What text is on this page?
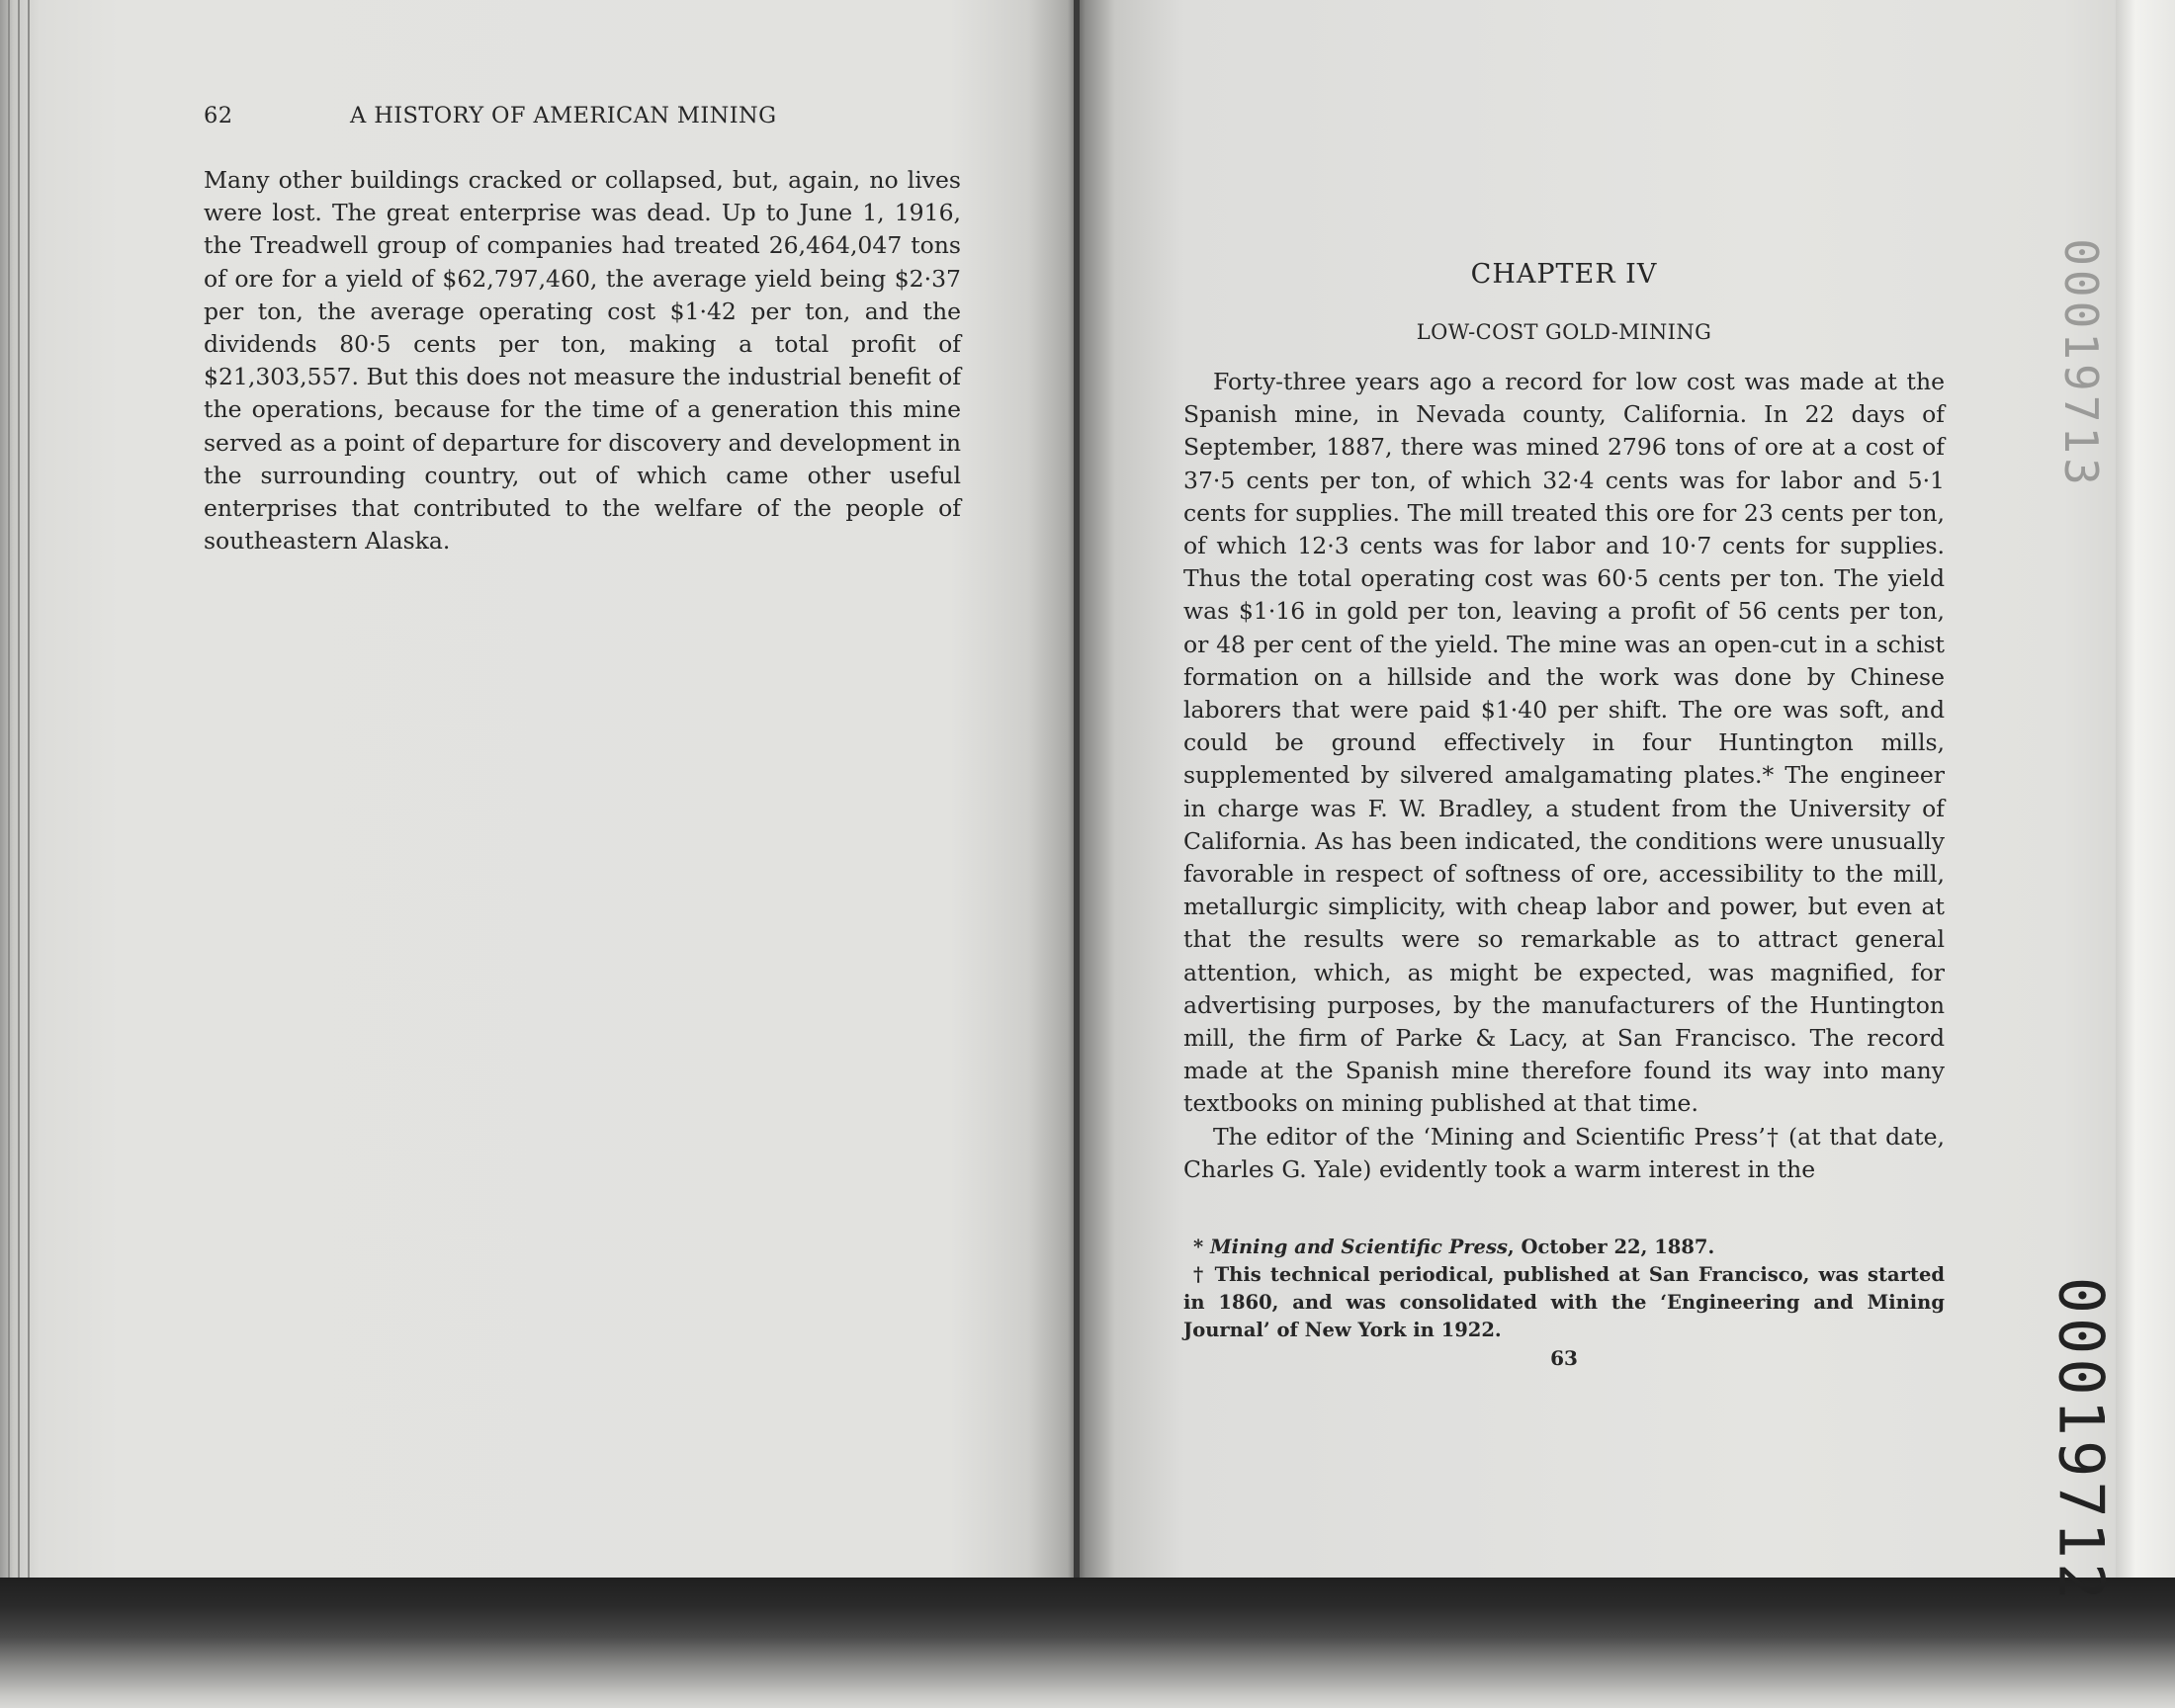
62	A HISTORY OF AMERICAN MINING

Many other buildings cracked or collapsed, but, again, no lives were lost. The great enterprise was dead. Up to June 1, 1916, the Treadwell group of companies had treated 26,464,047 tons of ore for a yield of $62,797,460, the average yield being $2·37 per ton, the average operating cost $1·42 per ton, and the dividends 80·5 cents per ton, making a total profit of $21,303,557. But this does not measure the industrial benefit of the operations, because for the time of a generation this mine served as a point of departure for discovery and development in the surrounding country, out of which came other useful enterprises that contributed to the welfare of the people of southeastern Alaska.

CHAPTER IV
LOW-COST GOLD-MINING

Forty-three years ago a record for low cost was made at the Spanish mine, in Nevada county, California. In 22 days of September, 1887, there was mined 2796 tons of ore at a cost of 37·5 cents per ton, of which 32·4 cents was for labor and 5·1 cents for supplies. The mill treated this ore for 23 cents per ton, of which 12·3 cents was for labor and 10·7 cents for supplies. Thus the total operating cost was 60·5 cents per ton. The yield was $1·16 in gold per ton, leaving a profit of 56 cents per ton, or 48 per cent of the yield. The mine was an open-cut in a schist formation on a hillside and the work was done by Chinese laborers that were paid $1·40 per shift. The ore was soft, and could be ground effectively in four Huntington mills, supplemented by silvered amalgamating plates.* The engineer in charge was F. W. Bradley, a student from the University of California. As has been indicated, the conditions were unusually favorable in respect of softness of ore, accessibility to the mill, metallurgic simplicity, with cheap labor and power, but even at that the results were so remarkable as to attract general attention, which, as might be expected, was magnified, for advertising purposes, by the manufacturers of the Huntington mill, the firm of Parke & Lacy, at San Francisco. The record made at the Spanish mine therefore found its way into many textbooks on mining published at that time.

The editor of the ‘Mining and Scientific Press’† (at that date, Charles G. Yale) evidently took a warm interest in the

* Mining and Scientific Press, October 22, 1887.

† This technical periodical, published at San Francisco, was started in 1860, and was consolidated with the ‘Engineering and Mining Journal’ of New York in 1922.

63
00019713
00019712
